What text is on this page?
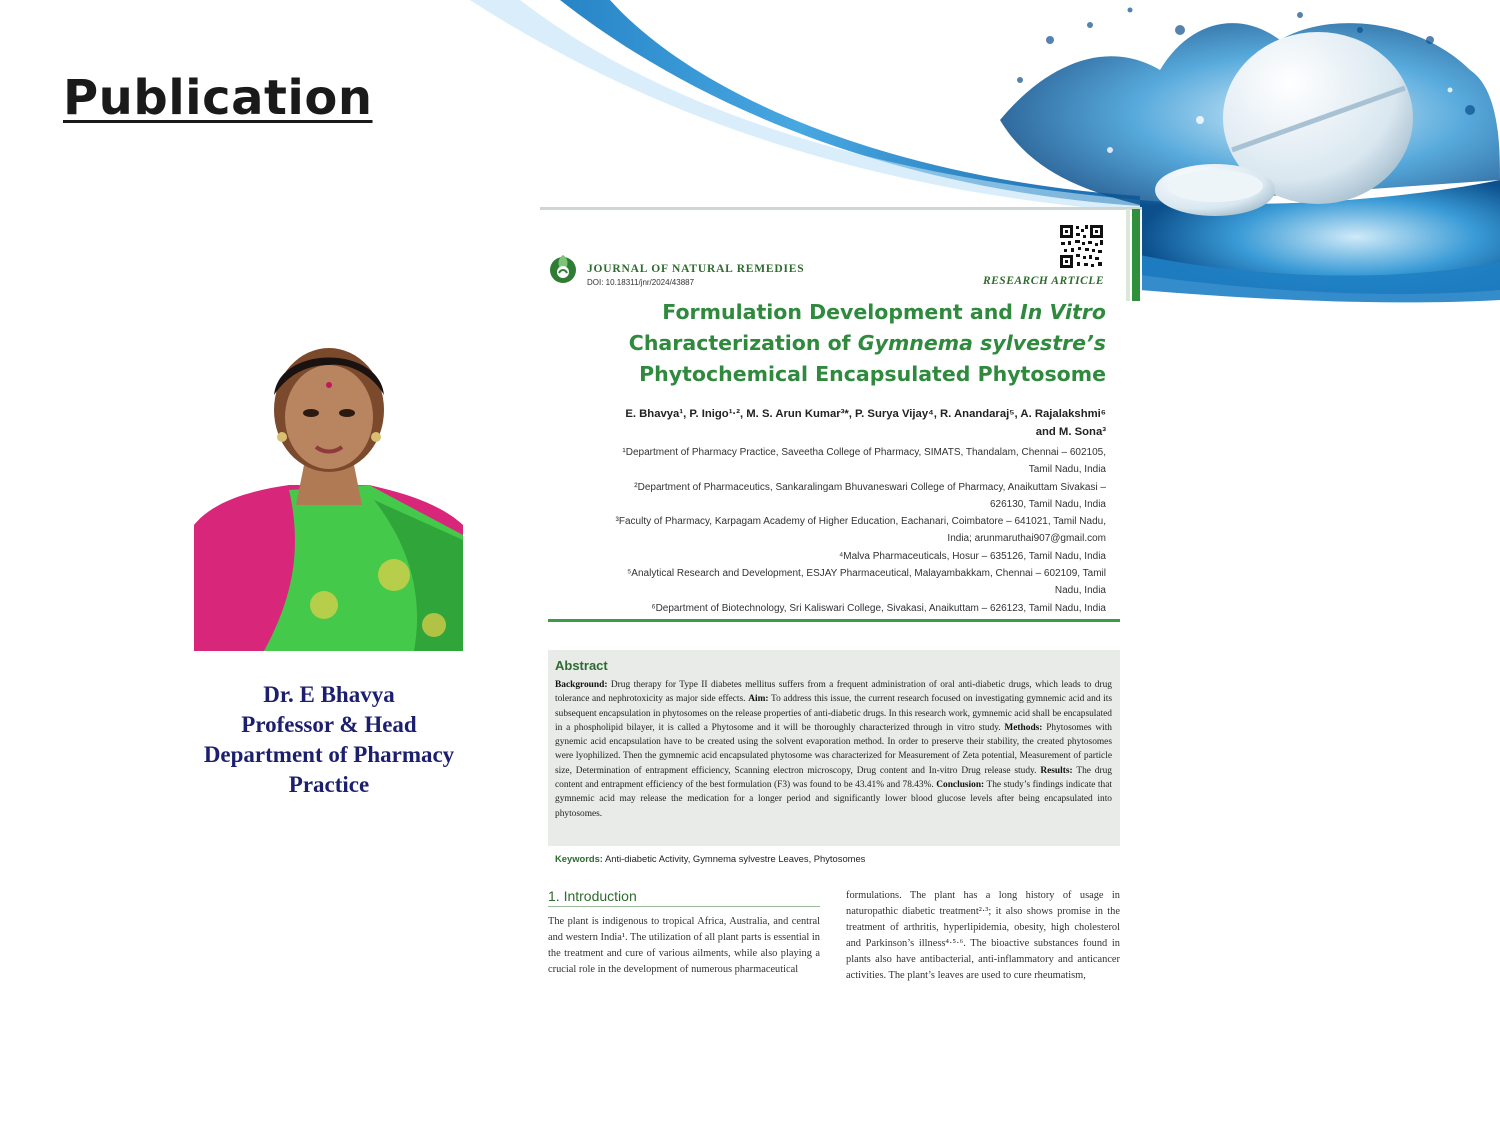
Publication
Dr. E Bhavya
Professor & Head
Department of Pharmacy
Practice
JOURNAL OF NATURAL REMEDIES
DOI: 10.18311/jnr/2024/43887	RESEARCH ARTICLE
Formulation Development and In Vitro
Characterization of Gymnema sylvestre’s
Phytochemical Encapsulated Phytosome
E. Bhavya¹, P. Inigo¹·², M. S. Arun Kumar³*, P. Surya Vijay⁴, R. Anandaraj⁵, A. Rajalakshmi⁶
and M. Sona³
¹Department of Pharmacy Practice, Saveetha College of Pharmacy, SIMATS, Thandalam, Chennai – 602105,
Tamil Nadu, India
²Department of Pharmaceutics, Sankaralingam Bhuvaneswari College of Pharmacy, Anaikuttam Sivakasi –
626130, Tamil Nadu, India
³Faculty of Pharmacy, Karpagam Academy of Higher Education, Eachanari, Coimbatore – 641021, Tamil Nadu,
India; arunmaruthai907@gmail.com
⁴Malva Pharmaceuticals, Hosur – 635126, Tamil Nadu, India
⁵Analytical Research and Development, ESJAY Pharmaceutical, Malayambakkam, Chennai – 602109, Tamil
Nadu, India
⁶Department of Biotechnology, Sri Kaliswari College, Sivakasi, Anaikuttam – 626123, Tamil Nadu, India
Abstract
Background: Drug therapy for Type II diabetes mellitus suffers from a frequent administration of oral anti-diabetic drugs, which leads to drug tolerance and nephrotoxicity as major side effects. Aim: To address this issue, the current research focused on investigating gymnemic acid and its subsequent encapsulation in phytosomes on the release properties of anti-diabetic drugs. In this research work, gymnemic acid shall be encapsulated in a phospholipid bilayer, it is called a Phytosome and it will be thoroughly characterized through in vitro study. Methods: Phytosomes with gynemic acid encapsulation have to be created using the solvent evaporation method. In order to preserve their stability, the created phytosomes were lyophilized. Then the gymnemic acid encapsulated phytosome was characterized for Measurement of Zeta potential, Measurement of particle size, Determination of entrapment efficiency, Scanning electron microscopy, Drug content and In-vitro Drug release study. Results: The drug content and entrapment efficiency of the best formulation (F3) was found to be 43.41% and 78.43%. Conclusion: The study’s findings indicate that gymnemic acid may release the medication for a longer period and significantly lower blood glucose levels after being encapsulated into phytosomes.
Keywords: Anti-diabetic Activity, Gymnema sylvestre Leaves, Phytosomes
1. Introduction
The plant is indigenous to tropical Africa, Australia, and central and western India¹. The utilization of all plant parts is essential in the treatment and cure of various ailments, while also playing a crucial role in the development of numerous pharmaceutical
formulations. The plant has a long history of usage in naturopathic diabetic treatment²·³; it also shows promise in the treatment of arthritis, hyperlipidemia, obesity, high cholesterol and Parkinson’s illness⁴·⁵·⁶. The bioactive substances found in plants also have antibacterial, anti-inflammatory and anticancer activities. The plant’s leaves are used to cure rheumatism,
